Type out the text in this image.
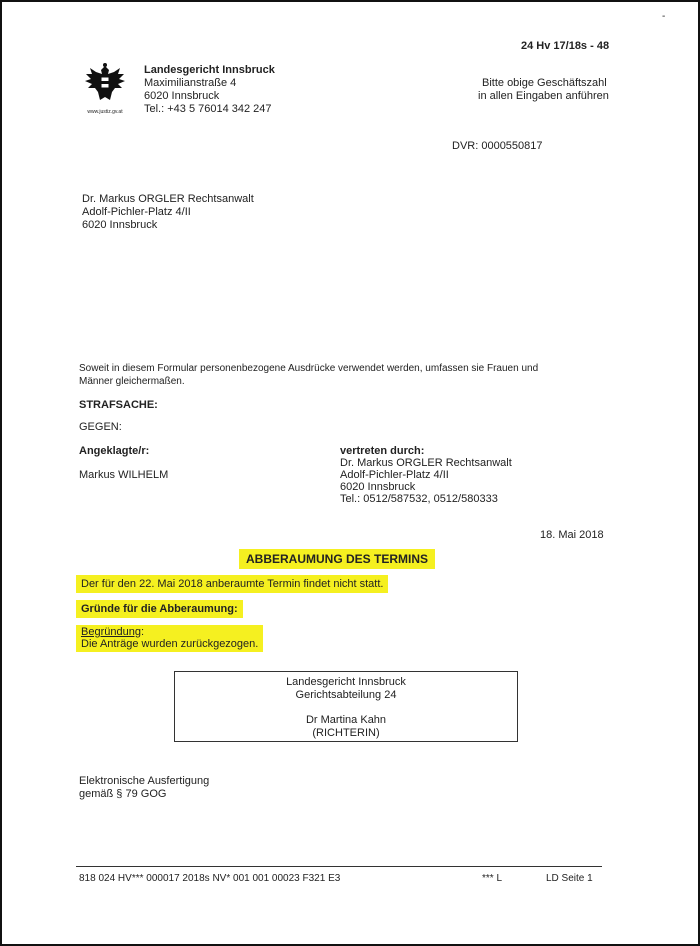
-
24 Hv 17/18s - 48
www.justiz.gv.at
Landesgericht Innsbruck
Maximilianstraße 4
6020 Innsbruck
Tel.: +43 5 76014 342 247
Bitte obige Geschäftszahl
in allen Eingaben anführen
DVR: 0000550817
Dr. Markus ORGLER Rechtsanwalt
Adolf-Pichler-Platz 4/II
6020 Innsbruck
Soweit in diesem Formular personenbezogene Ausdrücke verwendet werden, umfassen sie Frauen und
Männer gleichermaßen.
STRAFSACHE:
GEGEN:
Angeklagte/r:
Markus WILHELM
vertreten durch:
Dr. Markus ORGLER Rechtsanwalt
Adolf-Pichler-Platz 4/II
6020 Innsbruck
Tel.: 0512/587532, 0512/580333
18. Mai 2018
ABBERAUMUNG DES TERMINS
Der für den 22. Mai 2018 anberaumte Termin findet nicht statt.
Gründe für die Abberaumung:
Begründung:
Die Anträge wurden zurückgezogen.
Landesgericht Innsbruck
Gerichtsabteilung 24
Dr Martina Kahn
(RICHTERIN)
Elektronische Ausfertigung
gemäß § 79 GOG
818 024 HV*** 000017 2018s NV* 001 001 00023 F321 E3	*** L	LD Seite 1
